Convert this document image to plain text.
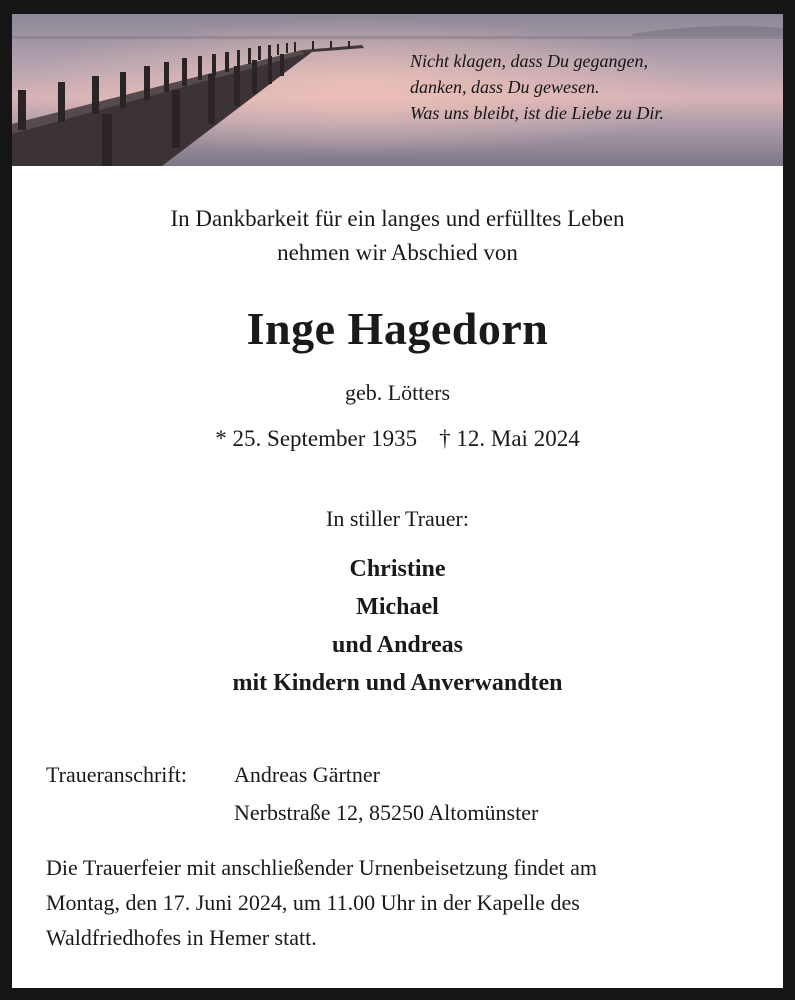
Nicht klagen, dass Du gegangen,
danken, dass Du gewesen.
Was uns bleibt, ist die Liebe zu Dir.
In Dankbarkeit für ein langes und erfülltes Leben
nehmen wir Abschied von
Inge Hagedorn
geb. Lötters
* 25. September 1935 † 12. Mai 2024
In stiller Trauer:
Christine
Michael
und Andreas
mit Kindern und Anverwandten
Traueranschrift: Andreas Gärtner
Nerbstraße 12, 85250 Altomünster
Die Trauerfeier mit anschließender Urnenbeisetzung findet am
Montag, den 17. Juni 2024, um 11.00 Uhr in der Kapelle des
Waldfriedhofes in Hemer statt.
